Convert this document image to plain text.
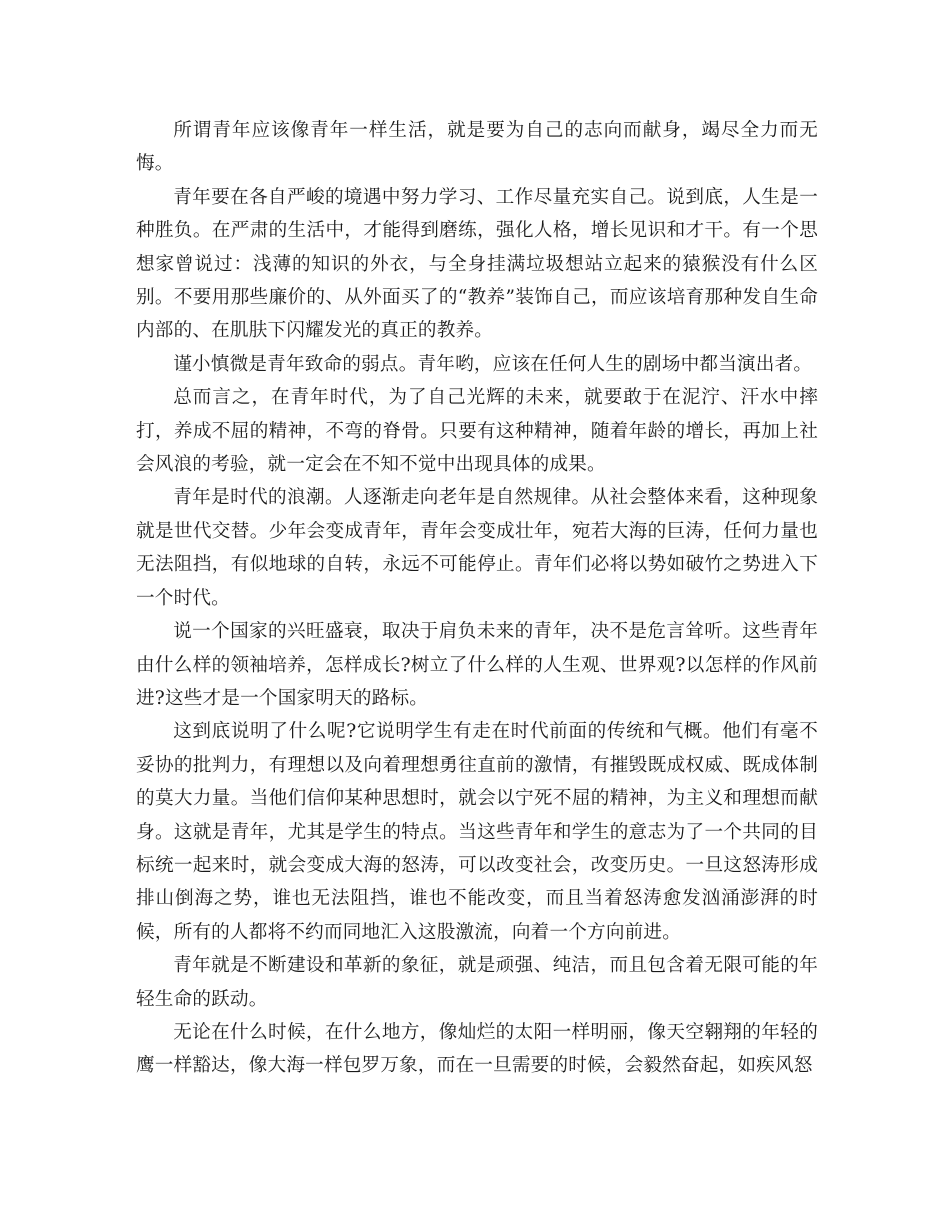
所谓青年应该像青年一样生活，就是要为自己的志向而献身，竭尽全力而无悔。

青年要在各自严峻的境遇中努力学习、工作尽量充实自己。说到底，人生是一种胜负。在严肃的生活中，才能得到磨练，强化人格，增长见识和才干。有一个思想家曾说过：浅薄的知识的外衣，与全身挂满垃圾想站立起来的猿猴没有什么区别。不要用那些廉价的、从外面买了的“教养”装饰自己，而应该培育那种发自生命内部的、在肌肤下闪耀发光的真正的教养。

谨小慎微是青年致命的弱点。青年哟，应该在任何人生的剧场中都当演出者。

总而言之，在青年时代，为了自己光辉的未来，就要敢于在泥泞、汗水中摔打，养成不屈的精神，不弯的脊骨。只要有这种精神，随着年龄的增长，再加上社会风浪的考验，就一定会在不知不觉中出现具体的成果。

青年是时代的浪潮。人逐渐走向老年是自然规律。从社会整体来看，这种现象就是世代交替。少年会变成青年，青年会变成壮年，宛若大海的巨涛，任何力量也无法阻挡，有似地球的自转，永远不可能停止。青年们必将以势如破竹之势进入下一个时代。

说一个国家的兴旺盛衰，取决于肩负未来的青年，决不是危言耸听。这些青年由什么样的领袖培养，怎样成长?树立了什么样的人生观、世界观?以怎样的作风前进?这些才是一个国家明天的路标。

这到底说明了什么呢?它说明学生有走在时代前面的传统和气概。他们有毫不妥协的批判力，有理想以及向着理想勇往直前的激情，有摧毁既成权威、既成体制的莫大力量。当他们信仰某种思想时，就会以宁死不屈的精神，为主义和理想而献身。这就是青年，尤其是学生的特点。当这些青年和学生的意志为了一个共同的目标统一起来时，就会变成大海的怒涛，可以改变社会，改变历史。一旦这怒涛形成排山倒海之势，谁也无法阻挡，谁也不能改变，而且当着怒涛愈发汹涌澎湃的时候，所有的人都将不约而同地汇入这股激流，向着一个方向前进。

青年就是不断建设和革新的象征，就是顽强、纯洁，而且包含着无限可能的年轻生命的跃动。

无论在什么时候，在什么地方，像灿烂的太阳一样明丽，像天空翱翔的年轻的鹰一样豁达，像大海一样包罗万象，而在一旦需要的时候，会毅然奋起，如疾风怒
